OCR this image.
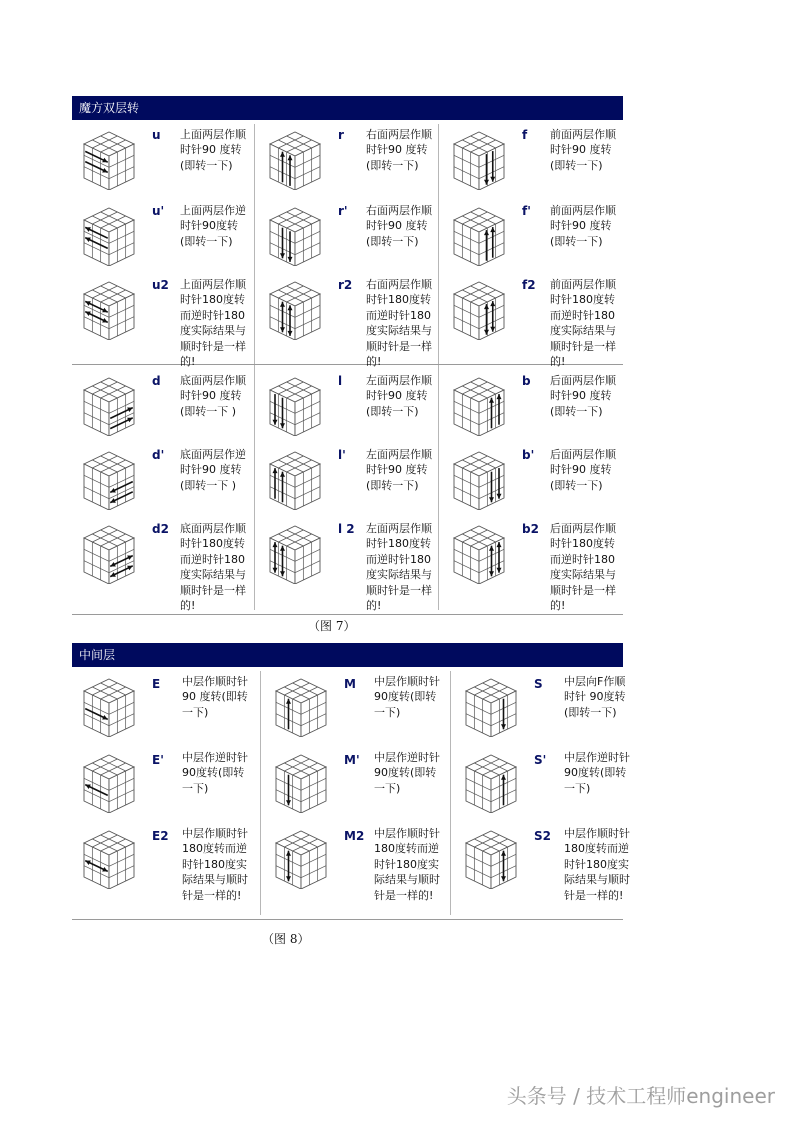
魔方双层转
u 上面两层作顺时针90 度转(即转一下)
r 右面两层作顺时针90 度转(即转一下)
f 前面两层作顺时针90 度转(即转一下)
u' 上面两层作逆时针90度转(即转一下)
r' 右面两层作顺时针90 度转(即转一下)
f' 前面两层作顺时针90 度转(即转一下)
u2 上面两层作顺时针180度转而逆时针180度实际结果与顺时针是一样的!
r2 右面两层作顺时针180度转而逆时针180度实际结果与顺时针是一样的!
f2 前面两层作顺时针180度转而逆时针180度实际结果与顺时针是一样的!
d 底面两层作顺时针90 度转(即转一下 )
l 左面两层作顺时针90 度转(即转一下)
b 后面两层作顺时针90 度转(即转一下)
d' 底面两层作逆时针90 度转(即转一下 )
l' 左面两层作顺时针90 度转(即转一下)
b' 后面两层作顺时针90 度转(即转一下)
d2 底面两层作顺时针180度转而逆时针180度实际结果与顺时针是一样的!
l 2 左面两层作顺时针180度转而逆时针180度实际结果与顺时针是一样的!
b2 后面两层作顺时针180度转而逆时针180度实际结果与顺时针是一样的!
（图 7）
中间层
E 中层作顺时针90 度转(即转一下)
M 中层作顺时针90度转(即转一下)
S 中层向F作顺时针 90度转(即转一下)
E' 中层作逆时针90度转(即转一下)
M' 中层作逆时针90度转(即转一下)
S' 中层作逆时针90度转(即转一下)
E2 中层作顺时针180度转而逆时针180度实际结果与顺时针是一样的!
M2 中层作顺时针180度转而逆时针180度实际结果与顺时针是一样的!
S2 中层作顺时针180度转而逆时针180度实际结果与顺时针是一样的!
（图 8）
头条号 / 技术工程师engineer
